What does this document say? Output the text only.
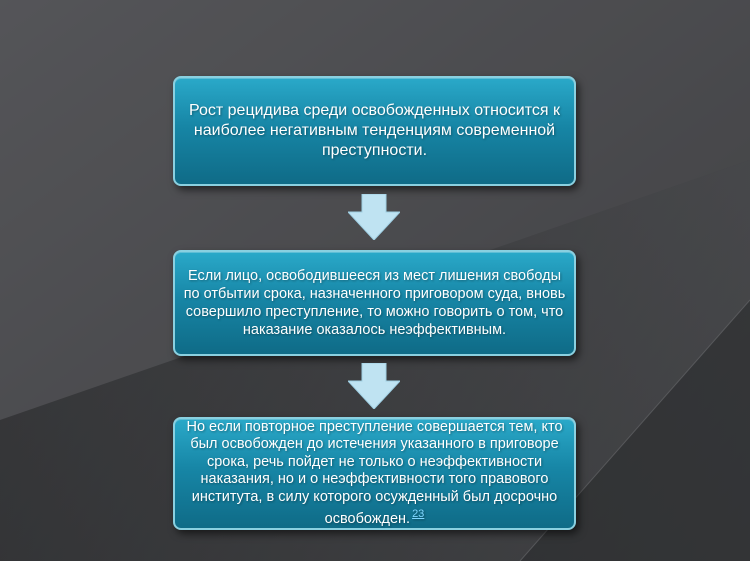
Рост рецидива среди освобожденных относится к наиболее негативным тенденциям современной преступности.
Если лицо, освободившееся из мест лишения свободы по отбытии срока, назначенного приговором суда, вновь совершило преступление, то можно говорить о том, что наказание оказалось неэффективным.
Но если повторное преступление совершается тем, кто был освобожден до истечения указанного в приговоре срока, речь пойдет не только о неэффективности наказания, но и о неэффективности того правового института, в силу которого осужденный был досрочно освобожден. $^{23}$
